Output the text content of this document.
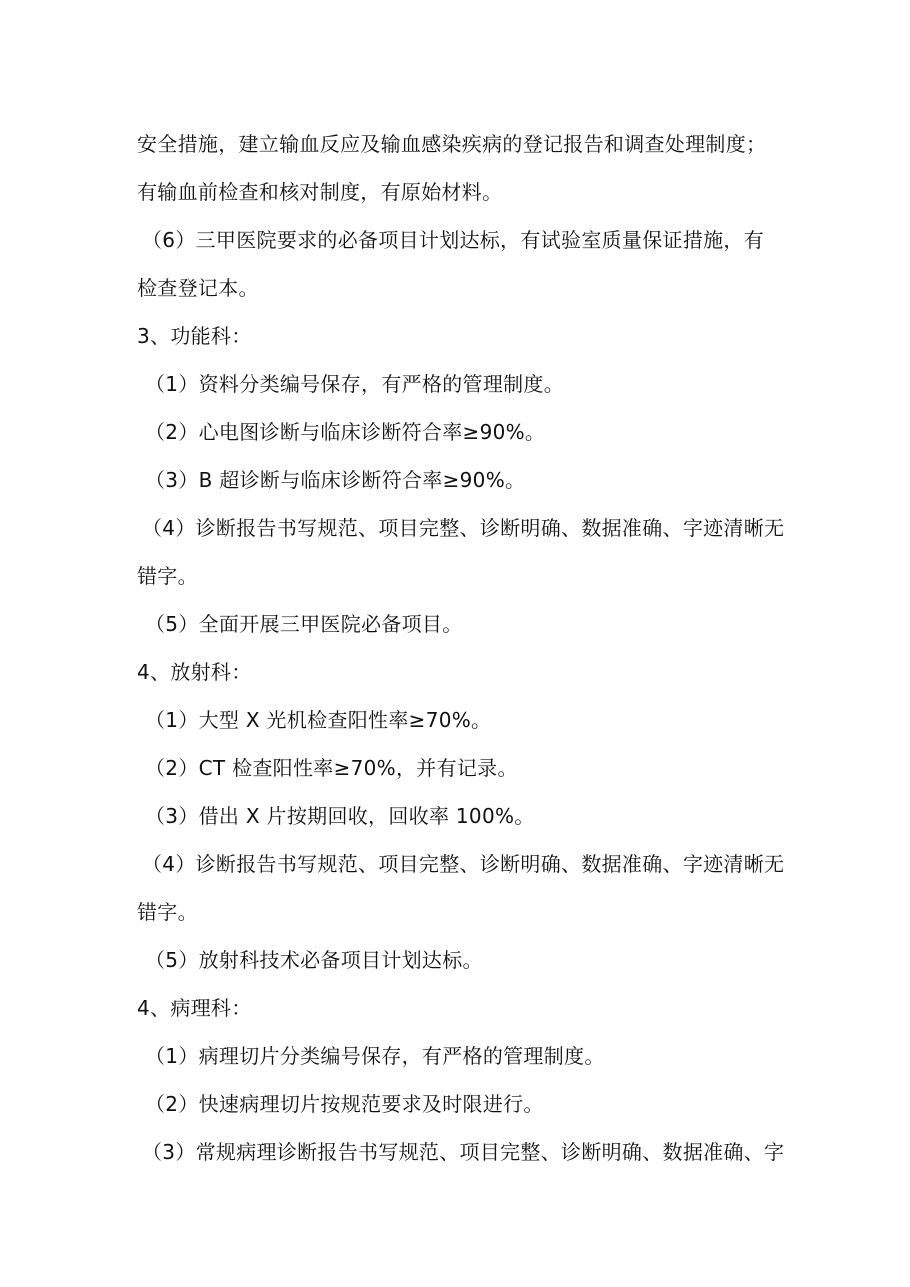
安全措施，建立输血反应及输血感染疾病的登记报告和调查处理制度；
有输血前检查和核对制度，有原始材料。
（6）三甲医院要求的必备项目计划达标，有试验室质量保证措施，有
检查登记本。
3、功能科：
（1）资料分类编号保存，有严格的管理制度。
（2）心电图诊断与临床诊断符合率≥90%。
（3）B 超诊断与临床诊断符合率≥90%。
（4）诊断报告书写规范、项目完整、诊断明确、数据准确、字迹清晰无
错字。
（5）全面开展三甲医院必备项目。
4、放射科：
（1）大型 X 光机检查阳性率≥70%。
（2）CT 检查阳性率≥70%，并有记录。
（3）借出 X 片按期回收，回收率 100%。
（4）诊断报告书写规范、项目完整、诊断明确、数据准确、字迹清晰无
错字。
（5）放射科技术必备项目计划达标。
4、病理科：
（1）病理切片分类编号保存，有严格的管理制度。
（2）快速病理切片按规范要求及时限进行。
（3）常规病理诊断报告书写规范、项目完整、诊断明确、数据准确、字
